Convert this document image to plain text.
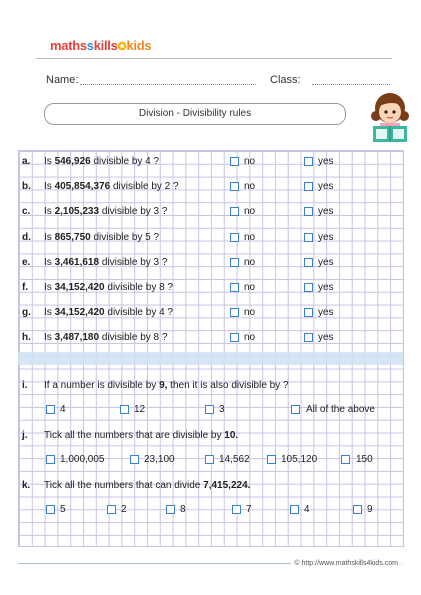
mathsskills✪kids
Name:	Class:
Division - Divisibility rules
a. Is 546,926 divisible by 4 ?	no	yes
b. Is 405,854,376 divisible by 2 ?	no	yes
c. Is 2,105,233 divisible by 3 ?	no	yes
d. Is 865,750 divisible by 5 ?	no	yes
e. Is 3,461,618 divisible by 3 ?	no	yes
f. Is 34,152,420 divisible by 8 ?	no	yes
g. Is 34,152,420 divisible by 4 ?	no	yes
h. Is 3,487,180 divisible by 8 ?	no	yes
i. If a number is divisible by 9, then it is also divisible by ?
4	12	3	All of the above
j. Tick all the numbers that are divisible by 10.
1,000,005	23,100	14,562	105,120	150
k. Tick all the numbers that can divide 7,415,224.
5	2	8	7	4	9
© http://www.mathskills4kids.com
